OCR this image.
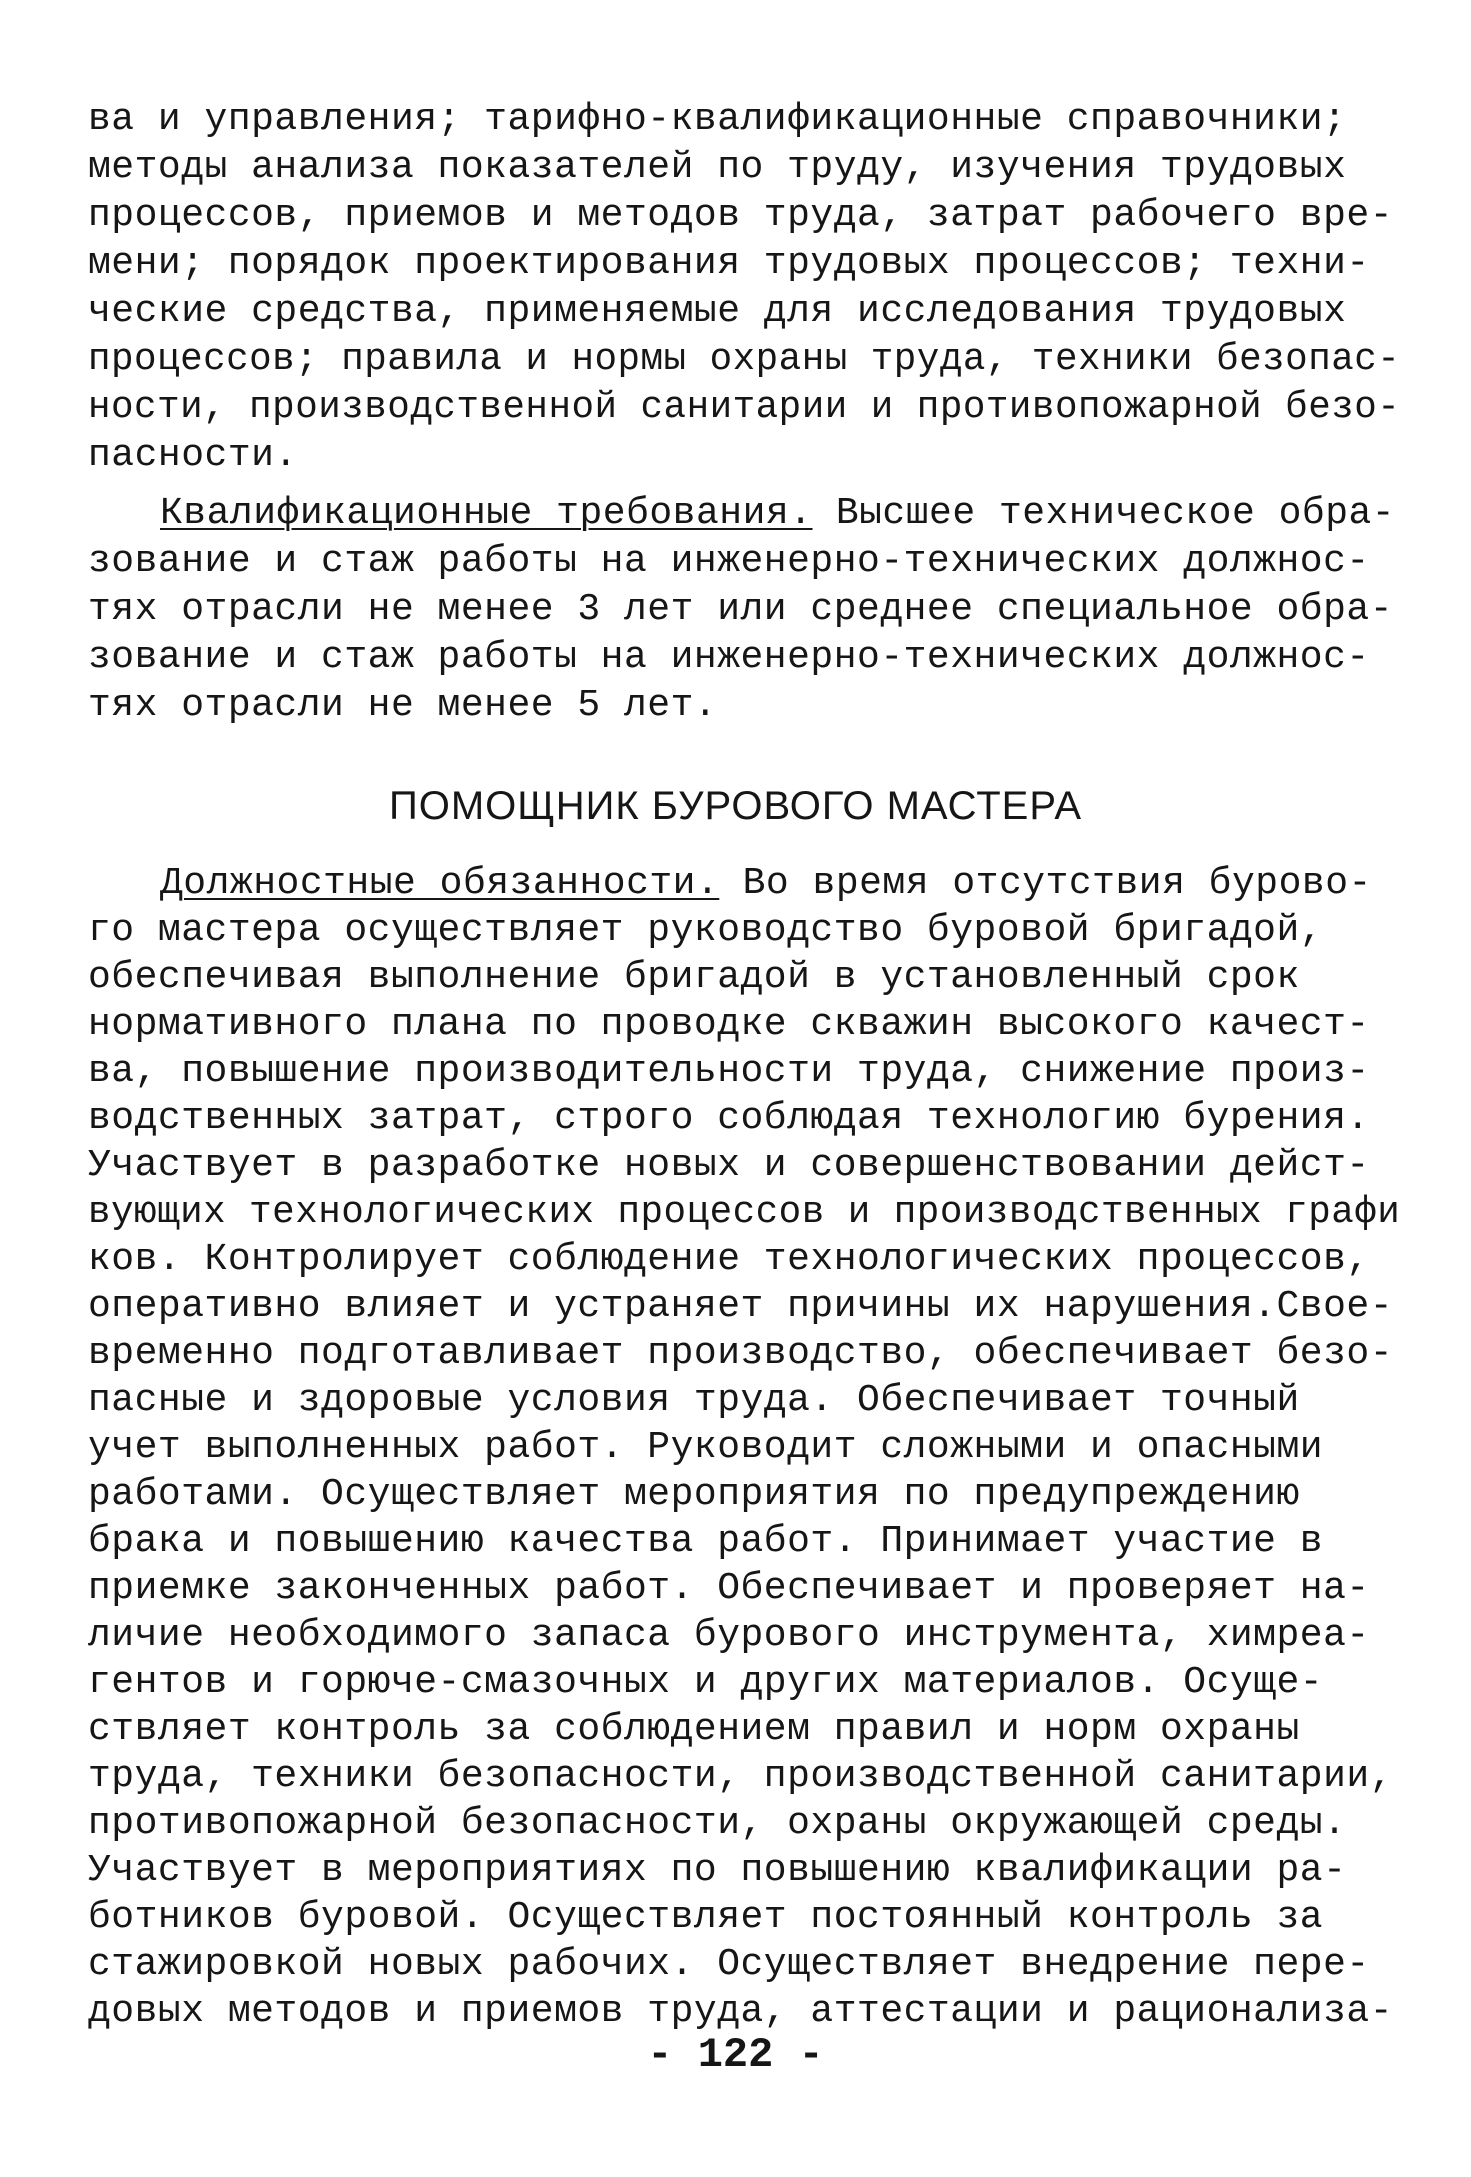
ва и управления; тарифно-квалификационные справочники;
методы анализа показателей по труду, изучения трудовых
процессов, приемов и методов труда, затрат рабочего вре-
мени; порядок проектирования трудовых процессов; техни-
ческие средства, применяемые для исследования трудовых
процессов; правила и нормы охраны труда, техники безопас-
ности, производственной санитарии и противопожарной безо-
пасности.
Квалификационные требования. Высшее техническое обра-
зование и стаж работы на инженерно-технических должнос-
тях отрасли не менее 3 лет или среднее специальное обра-
зование и стаж работы на инженерно-технических должнос-
тях отрасли не менее 5 лет.
ПОМОЩНИК БУРОВОГО МАСТЕРА
Должностные обязанности. Во время отсутствия бурово-
го мастера осуществляет руководство буровой бригадой,
обеспечивая выполнение бригадой в установленный срок
нормативного плана по проводке скважин высокого качест-
ва, повышение производительности труда, снижение произ-
водственных затрат, строго соблюдая технологию бурения.
Участвует в разработке новых и совершенствовании дейст-
вующих технологических процессов и производственных графи
ков. Контролирует соблюдение технологических процессов,
оперативно влияет и устраняет причины их нарушения.Свое-
временно подготавливает производство, обеспечивает безо-
пасные и здоровые условия труда. Обеспечивает точный
учет выполненных работ. Руководит сложными и опасными
работами. Осуществляет мероприятия по предупреждению
брака и повышению качества работ. Принимает участие в
приемке законченных работ. Обеспечивает и проверяет на-
личие необходимого запаса бурового инструмента, химреа-
гентов и горюче-смазочных и других материалов. Осуще-
ствляет контроль за соблюдением правил и норм охраны
труда, техники безопасности, производственной санитарии,
противопожарной безопасности, охраны окружающей среды.
Участвует в мероприятиях по повышению квалификации ра-
ботников буровой. Осуществляет постоянный контроль за
стажировкой новых рабочих. Осуществляет внедрение пере-
довых методов и приемов труда, аттестации и рационализа-
- 122 -
